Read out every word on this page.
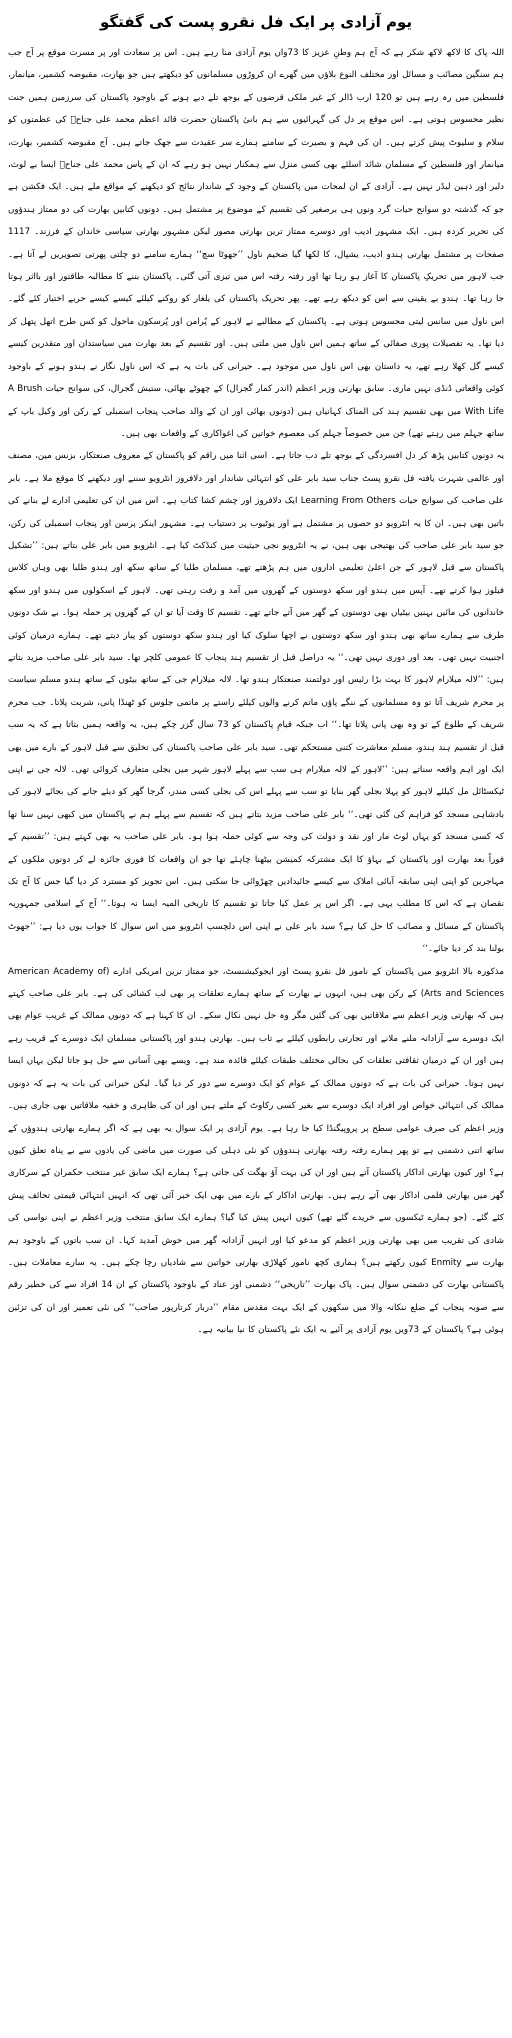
یوم آزادی پر ایک فل نقرو پست کی گفتگو

اللہ پاک کا لاکھ لاکھ شکر ہے کہ آج ہم وطنِ عزیز کا 73واں یوم آزادی منا رہے ہیں۔ اس پر سعادت اور پر مسرت موقع پر آج جب ہم سنگین مصائب و مسائل اور مختلف النوع بلاؤں میں گھرے ان کروڑوں مسلمانوں کو دیکھتے ہیں جو بھارت، مقبوضہ کشمیر، میانمار، فلسطین میں رہ رہے ہیں تو 120 ارب ڈالر کے غیر ملکی قرضوں کے بوجھ تلے دبے ہونے کے باوجود پاکستان کی سرزمین ہمیں جنت نظیر محسوس ہوتی ہے۔ اس موقع پر دل کی گہرائیوں سے ہم بانیٔ پاکستان حضرت قائد اعظم محمد علی جناحؒ کی عظمتوں کو سلام و سلیوٹ پیش کرتے ہیں۔ ان کی فہم و بصیرت کے سامنے ہمارے سر عقیدت سے جھک جاتے ہیں۔ آج مقبوضہ کشمیر، بھارت، میانمار اور فلسطین کے مسلمان شائد اسلئے بھی کسی منزل سے ہمکنار نہیں ہو رہے کہ ان کے پاس محمد علی جناحؒ ایسا بے لوث، دلیر اور ذہین لیڈر نہیں ہے۔ آزادی کے ان لمحات میں پاکستان کے وجود کے شاندار نتائج کو دیکھنے کے مواقع ملے ہیں۔ ایک فکشن ہے جو کہ گذشتہ دو سوانح حیات گرد ونوں ہی برصغیر کی تقسیم کے موضوع پر مشتمل ہیں۔ دونوں کتابیں بھارت کی دو ممتاز ہندؤوں کی تحریر کردہ ہیں۔ ایک مشہور ادیب اور دوسرے ممتاز ترین بھارتی مصور لیکن مشہور بھارتی سیاسی خاندان کے فرزند۔ 1117 صفحات پر مشتمل بھارتی ہندو ادیب، یشپال، کا لکھا گیا ضخیم ناول ’’جھوٹا سچ‘‘ ہمارے سامنے دو چلتی پھرتی تصویریں لے آتا ہے۔ جب لاہور میں تحریکِ پاکستان کا آغاز ہو رہا تھا اور رفتہ رفتہ اس میں تیزی آتی گئی۔ پاکستان بننے کا مطالبہ طاقتور اور بااثر ہوتا جا رہا تھا۔ ہندو بے یقینی سے اس کو دیکھ رہے تھے۔ پھر تحریک پاکستان کی یلغار کو روکنے کیلئے کیسے کیسے حربے اختیار کئے گئے۔ اس ناول میں سانس لیتی محسوس ہوتی ہے۔ پاکستان کے مطالبے نے لاہور کے پُرامن اور پُرسکون ماحول کو کس طرح اتھل پتھل کر دیا تھا۔ یہ تفصیلات پوری صفائی کے ساتھ ہمیں اس ناول میں ملتی ہیں۔ اور تقسیم کے بعد بھارت میں سیاستدان اور متقدرین کیسے کیسے گل کھلا رہے تھے، یہ داستان بھی اس ناول میں موجود ہے۔ حیرانی کی بات یہ ہے کہ اس ناول نگار نے ہندو ہونے کے باوجود کوئی واقعاتی ڈنڈی نہیں ماری۔ سابق بھارتی وزیر اعظم (اندر کمار گجرال) کے چھوٹے بھائی، ستیش گجرال، کی سوانح حیات A Brush With Life میں بھی تقسیم ہند کی المناک کہانیاں ہیں (دونوں بھائی اور ان کے والد صاحب پنجاب اسمبلی کے رکن اور وکیل باپ کے ساتھ جہلم میں رہتے تھے) جن میں خصوصاً جہلم کی معصوم خواتین کی اغواکاری کے واقعات بھی ہیں۔

یہ دونوں کتابیں پڑھ کر دل افسردگی کے بوجھ تلے دب جاتا ہے۔ اسی اثنا میں راقم کو پاکستان کے معروف صنعتکار، بزنس مین، مصنف اور عالمی شہرت یافتہ فل نقرو پسٹ جناب سید بابر علی کو انتہائی شاندار اور دلافروز انٹرویو سننے اور دیکھنے کا موقع ملا ہے۔ بابر علی صاحب کی سوانح حیات Learning From Others ایک دلافروز اور چشم کشا کتاب ہے۔ اس میں ان کی تعلیمی ادارے لے بنانے کی باتیں بھی ہیں۔ ان کا یہ انٹرویو دو حصوں پر مشتمل ہے اور یوٹیوب پر دستیاب ہے۔ مشہور اینکر پرسن اور پنجاب اسمبلی کی رکن، جو سید بابر علی صاحب کی بھتیجی بھی ہیں، نے یہ انٹرویو نجی حیثیت میں کنڈکٹ کیا ہے۔ انٹرویو میں بابر علی بتاتے ہیں: ’’تشکیل پاکستان سے قبل لاہور کے جن اعلیٰ تعلیمی اداروں میں ہم پڑھتے تھے، مسلمان طلبا کے ساتھ سکھ اور ہندو طلبا بھی وہاں کلاس فیلوز ہوا کرتے تھے۔ آپس میں ہندو اور سکھ دوستوں کے گھروں میں آمد و رفت رہتی تھی۔ لاہور کے اسکولوں میں ہندو اور سکھ خاندانوں کی مائیں بہنیں بیٹیاں بھی دوستوں کے گھر میں آتے جاتے تھے۔ تقسیم کا وقت آیا تو ان کے گھروں پر حملہ ہوا۔ بے شک دونوں طرف سے ہمارے ساتھ بھی ہندو اور سکھ دوستوں نے اچھا سلوک کیا اور ہندو سکھ دوستوں کو پیار دیتے تھے۔ ہمارے درمیان کوئی اجنبیت نہیں تھی۔ بعد اور دوری نہیں تھی۔‘‘ یہ دراصل قبل از تقسیم ہند پنجاب کا عمومی کلچر تھا۔ سید بابر علی صاحب مزید بتاتے ہیں: ’’لالہ میلارام لاہور کا بہت بڑا رئیس اور دولتمند صنعتکار ہندو تھا۔ لالہ میلارام جی کے ساتھ بیٹوں کے ساتھ ہندو مسلم سیاست پر محرم شریف آتا تو وہ مسلمانوں کے ننگے پاؤں ماتم کرنے والوں کیلئے راستے پر ماتمی جلوس کو ٹھنڈا پانی، شربت پلاتا۔ جب محرم شریف کے طلوع کے تو وہ بھی پانی پلاتا تھا۔‘‘ اب جبکہ قیامِ پاکستان کو 73 سال گزر چکے ہیں، یہ واقعہ ہمیں بتاتا ہے کہ یہ سب قبل از تقسیم ہند ہندو، مسلم معاشرت کتنی مستحکم تھی۔ سید بابر علی صاحب پاکستان کی تخلیق سے قبل لاہور کے بارے میں بھی ایک اور اہم واقعہ سناتے ہیں: ’’لاہور کے لالہ میلارام ہی سب سے پہلے لاہور شہر میں بجلی متعارف کروائی تھی۔ لالہ جی نے اپنی ٹیکسٹائل مل کیلئے لاہور کو پہلا بجلی گھر بنایا تو سب سے پہلے اس کی بجلی کسی مندر، گرجا گھر کو دیئے جانے کی بجائے لاہور کی بادشاہی مسجد کو فراہم کی گئی تھی۔‘‘ بابر علی صاحب مزید بتاتے ہیں کہ تقسیم سے پہلے ہم نے پاکستان میں کبھی نہیں سنا تھا کہ کسی مسجد کو یہاں لوٹ مار اور نقد و دولت کی وجہ سے کوئی حملہ ہوا ہو۔ بابر علی صاحب یہ بھی کہتے ہیں: ’’تقسیم کے فوراً بعد بھارت اور پاکستان کے بہاؤ کا ایک مشترکہ کمیشن بیٹھنا چاہئے تھا جو ان واقعات کا فوری جائزہ لے کر دونوں ملکوں کے مہاجرین کو اپنی اپنی سابقہ آبائی املاک سے کیسے جائیدادیں چھڑوائی جا سکتی ہیں۔ اس تجویز کو مسترد کر دیا گیا جس کا آج تک نقصان ہے کہ اس کا مطلب یہی ہے۔ اگر اس پر عمل کیا جاتا تو تقسیم کا تاریخی المیہ ایسا نہ ہوتا۔‘‘ آج کے اسلامی جمہوریہ پاکستان کے مسائل و مصائب کا حل کیا ہے؟ سید بابر علی نے اپنی اس دلچسپ انٹرویو میں اس سوال کا جواب یوں دیا ہے: ’’جھوٹ بولنا بند کر دیا جائے۔‘‘

مذکورہ بالا انٹرویو میں پاکستان کے نامور فل نقرو پسٹ اور ایجوکیشنسٹ، جو ممتاز ترین امریکی ادارے (American Academy of Arts and Sciences) کے رکن بھی ہیں، انہوں نے بھارت کے ساتھ ہمارے تعلقات پر بھی لب کشائی کی ہے۔ بابر علی صاحب کہتے ہیں کہ بھارتی وزیر اعظم سے ملاقاتیں بھی کی گئیں مگر وہ حل نہیں نکال سکے۔ ان کا کہنا ہے کہ دونوں ممالک کے غریب عوام بھی ایک دوسرے سے آزادانہ ملنے ملانے اور تجارتی رابطوں کیلئے بے تاب ہیں۔ بھارتی ہندو اور پاکستانی مسلمان ایک دوسرے کے قریب رہے ہیں اور ان کے درمیان ثقافتی تعلقات کی بحالی مختلف طبقات کیلئے فائدہ مند ہے۔ ویسے بھی آسانی سے حل ہو جاتا لیکن یہاں ایسا نہیں ہوتا۔ حیرانی کی بات ہے کہ دونوں ممالک کے عوام کو ایک دوسرے سے دور کر دیا گیا۔ لیکن حیرانی کی بات یہ ہے کہ دونوں ممالک کی انتہائی خواص اور افراد ایک دوسرے سے بغیر کسی رکاوٹ کے ملتے ہیں اور ان کی ظاہری و خفیہ ملاقاتیں بھی جاری ہیں۔ وزیر اعظم کی صرف عوامی سطح پر پروپیگنڈا کیا جا رہا ہے۔ یوم آزادی پر ایک سوال یہ بھی ہے کہ اگر ہمارے بھارتی ہندوؤں کے ساتھ اتنی دشمنی ہے تو پھر ہمارے رفتہ رفتہ بھارتی ہندوؤں کو نئی دہلی کی صورت میں ماضی کی یادوں سے بے پناہ تعلق کیوں ہے؟ اور کیوں بھارتی اداکار پاکستان آتے ہیں اور ان کی بہت آؤ بھگت کی جاتی ہے؟ ہمارے ایک سابق غیر منتخب حکمران کے سرکاری گھر میں بھارتی فلمی اداکار بھی آتے رہے ہیں۔ بھارتی اداکار کے بارے میں بھی ایک خبر آئی تھی کہ انہیں انتہائی قیمتی تحائف پیش کئے گئے۔ (جو ہمارے ٹیکسوں سے خریدے گئے تھے) کیوں انہیں پیش کیا گیا؟ ہمارے ایک سابق منتخب وزیر اعظم نے اپنی نواسی کی شادی کی تقریب میں بھی بھارتی وزیر اعظم کو مدعو کیا اور انہیں آزادانہ گھر میں خوش آمدید کہا۔ ان سب باتوں کے باوجود ہم بھارت سے Enmity کیوں رکھتے ہیں؟ ہماری کچھ نامور کھلاڑی بھارتی خواتین سے شادیاں رچا چکے ہیں۔ یہ سارے معاملات ہیں۔ پاکستانی بھارت کی دشمنی سوال ہیں۔ پاک بھارت ’’تاریخی‘‘ دشمنی اور عناد کے باوجود پاکستان کے ان 14 افراد سے کی خطیر رقم سے صوبہ پنجاب کے ضلع ننکانہ والا میں سکھوں کے ایک بہت مقدس مقام ’’دربار کرتارپور صاحب‘‘ کی نئی تعمیر اور ان کی تزئین ہوئی ہے؟ پاکستان کے 73ویں یوم آزادی پر آئیے یہ ایک نئے پاکستان کا نیا بیانیہ ہے۔
